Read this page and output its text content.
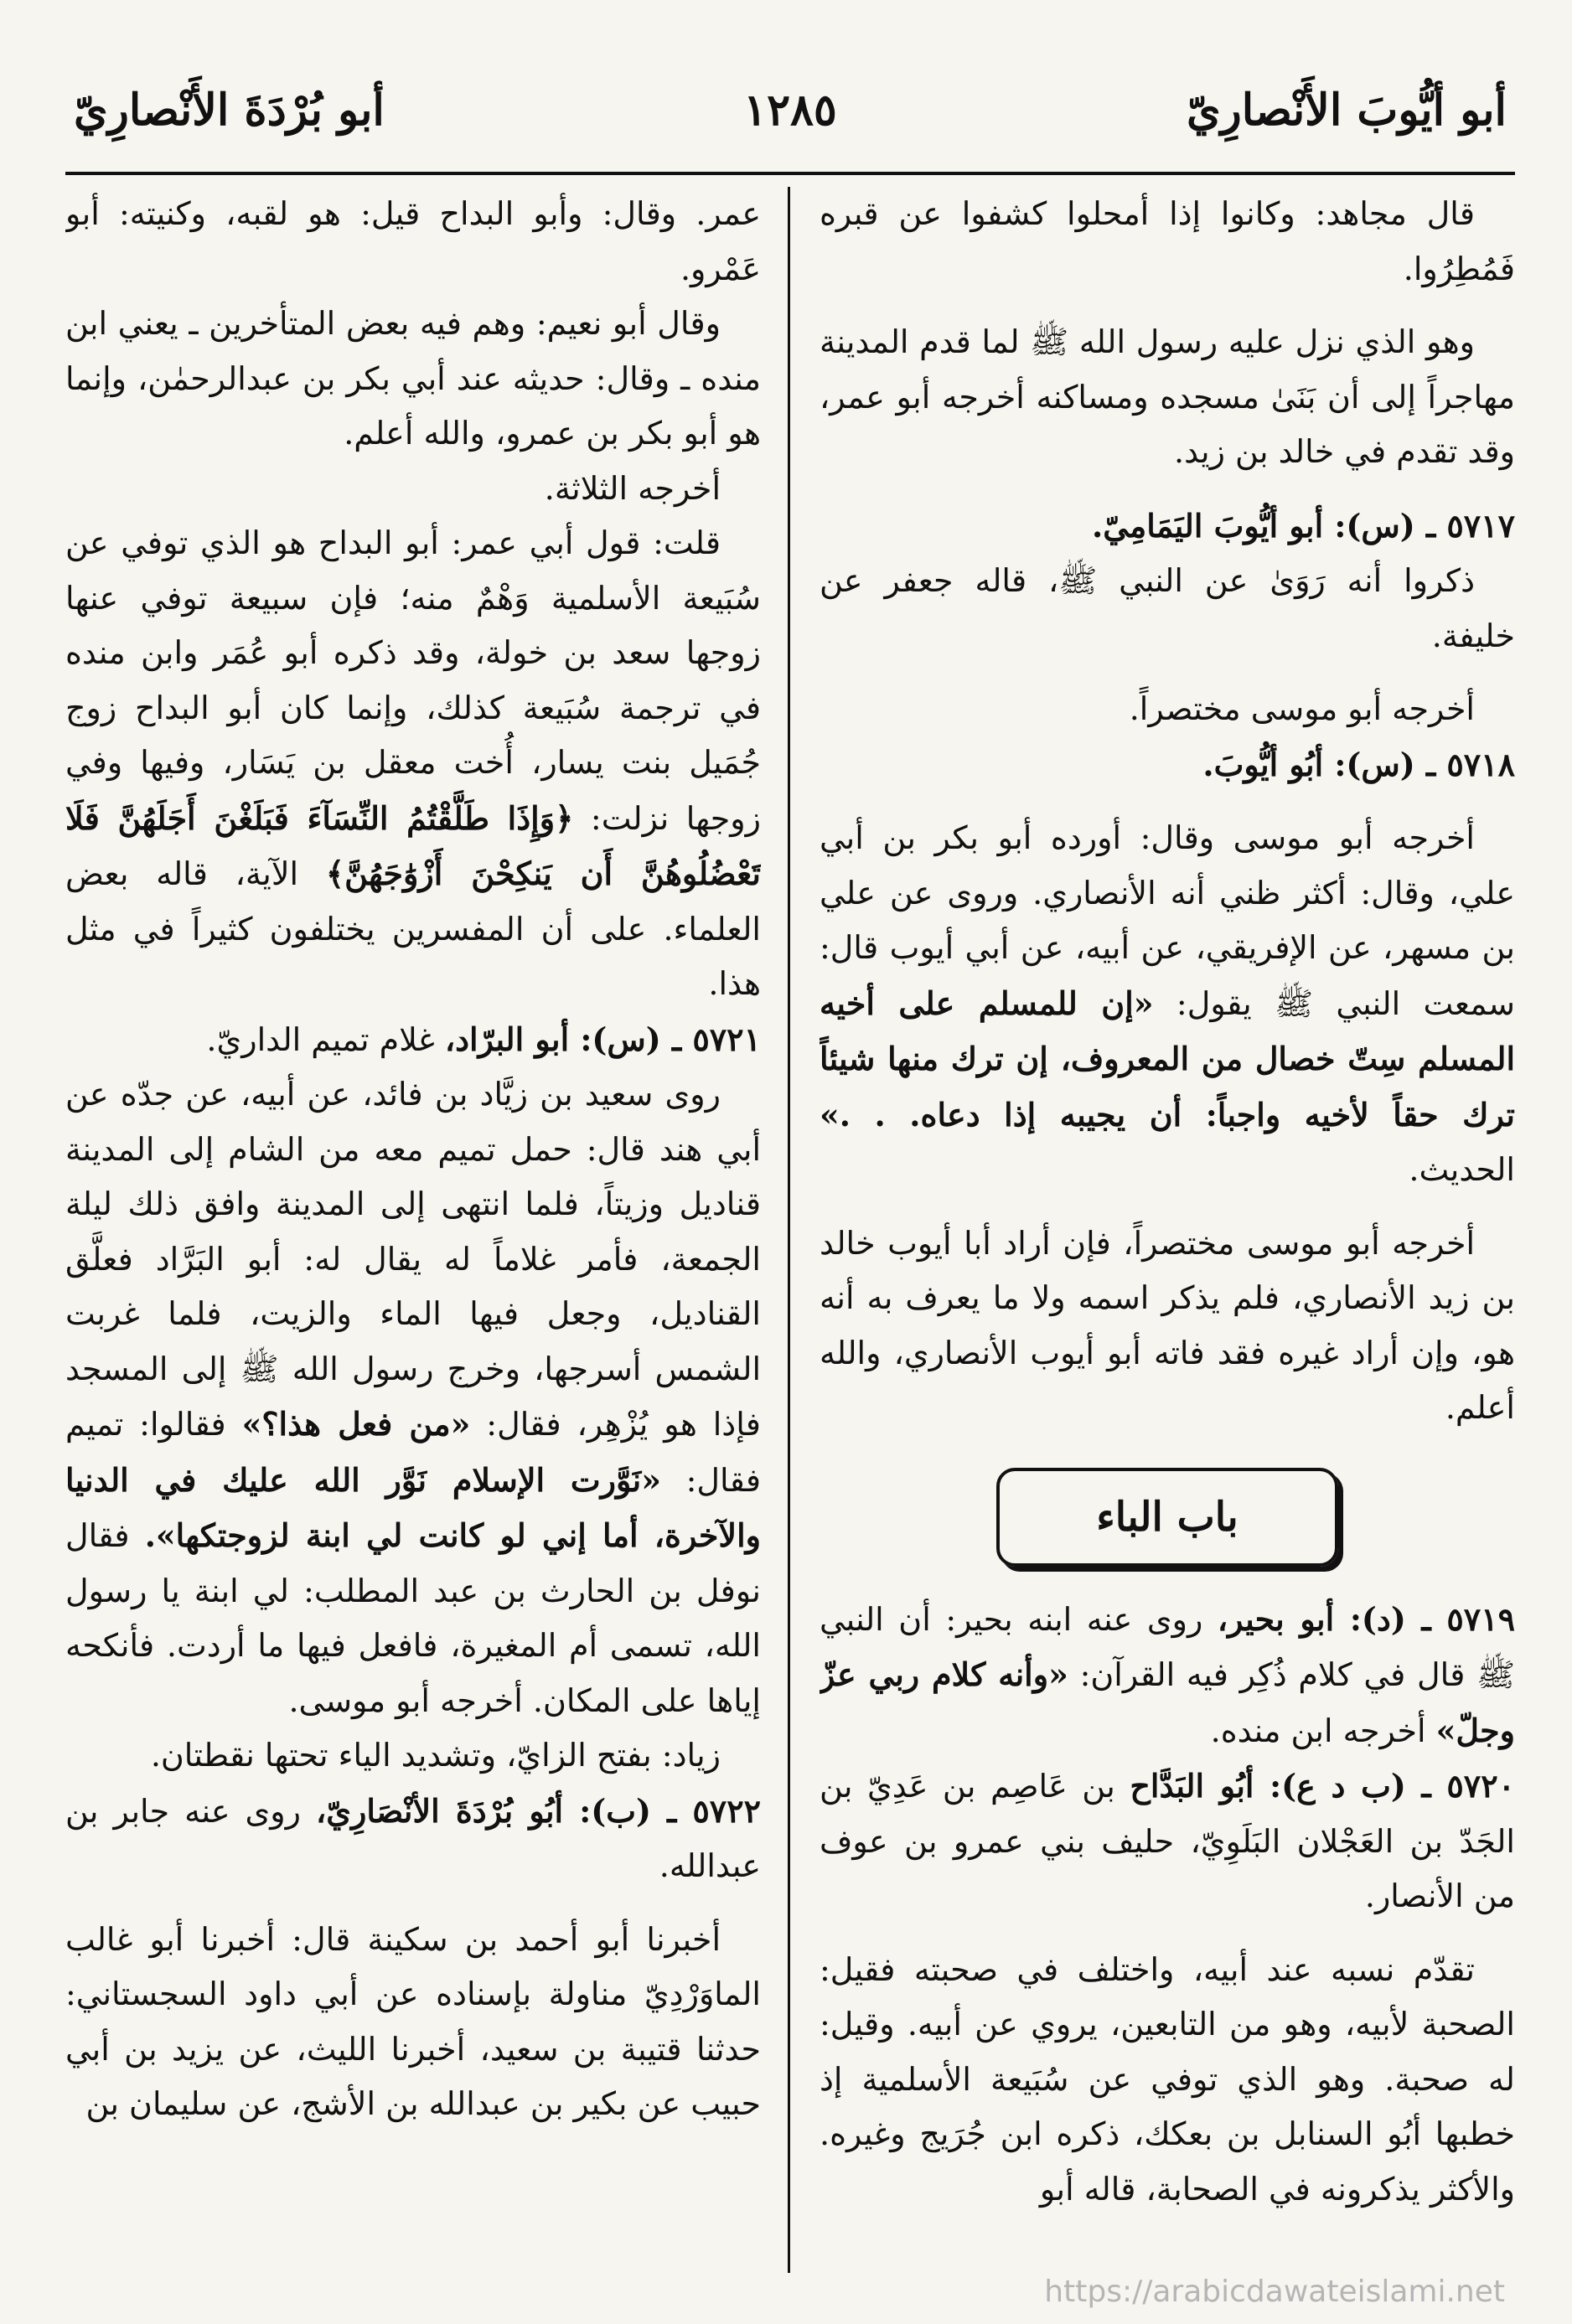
أبو أيُّوبَ الأَنْصارِيّ
١٢٨٥
أبو بُرْدَةَ الأَنْصارِيّ

قال مجاهد: وكانوا إذا أمحلوا كشفوا عن قبره فَمُطِرُوا.

وهو الذي نزل عليه رسول الله ﷺ لما قدم المدينة مهاجراً إلى أن بَنَىٰ مسجده ومساكنه أخرجه أبو عمر، وقد تقدم في خالد بن زيد.

٥٧١٧ ـ (س): أبو أيُّوبَ اليَمَامِيّ.

ذكروا أنه رَوَىٰ عن النبي ﷺ، قاله جعفر عن خليفة.

أخرجه أبو موسى مختصراً.

٥٧١٨ ـ (س): أبُو أيُّوبَ.

أخرجه أبو موسى وقال: أورده أبو بكر بن أبي علي، وقال: أكثر ظني أنه الأنصاري. وروى عن علي بن مسهر، عن الإفريقي، عن أبيه، عن أبي أيوب قال: سمعت النبي ﷺ يقول: «إن للمسلم على أخيه المسلم سِتّ خصال من المعروف، إن ترك منها شيئاً ترك حقاً لأخيه واجباً: أن يجيبه إذا دعاه. . .» الحديث.

أخرجه أبو موسى مختصراً، فإن أراد أبا أيوب خالد بن زيد الأنصاري، فلم يذكر اسمه ولا ما يعرف به أنه هو، وإن أراد غيره فقد فاته أبو أيوب الأنصاري، والله أعلم.

باب الباء

٥٧١٩ ـ (د): أبو بحير، روى عنه ابنه بحير: أن النبي ﷺ قال في كلام ذُكِر فيه القرآن: «وأنه كلام ربي عزّ وجلّ» أخرجه ابن منده.

٥٧٢٠ ـ (ب د ع): أبُو البَدَّاح بن عَاصِم بن عَدِيّ بن الجَدّ بن العَجْلان البَلَوِيّ، حليف بني عمرو بن عوف من الأنصار.

تقدّم نسبه عند أبيه، واختلف في صحبته فقيل: الصحبة لأبيه، وهو من التابعين، يروي عن أبيه. وقيل: له صحبة. وهو الذي توفي عن سُبَيعة الأسلمية إذ خطبها أبُو السنابل بن بعكك، ذكره ابن جُرَيج وغيره. والأكثر يذكرونه في الصحابة، قاله أبو

عمر. وقال: وأبو البداح قيل: هو لقبه، وكنيته: أبو عَمْرو.

وقال أبو نعيم: وهم فيه بعض المتأخرين ـ يعني ابن منده ـ وقال: حديثه عند أبي بكر بن عبدالرحمٰن، وإنما هو أبو بكر بن عمرو، والله أعلم.

أخرجه الثلاثة.

قلت: قول أبي عمر: أبو البداح هو الذي توفي عن سُبَيعة الأسلمية وَهْمٌ منه؛ فإن سبيعة توفي عنها زوجها سعد بن خولة، وقد ذكره أبو عُمَر وابن منده في ترجمة سُبَيعة كذلك، وإنما كان أبو البداح زوج جُمَيل بنت يسار، أُخت معقل بن يَسَار، وفيها وفي زوجها نزلت: ﴿وَإِذَا طَلَّقْتُمُ النِّسَآءَ فَبَلَغْنَ أَجَلَهُنَّ فَلَا تَعْضُلُوهُنَّ أَن يَنكِحْنَ أَزْوَٰجَهُنَّ﴾ الآية، قاله بعض العلماء. على أن المفسرين يختلفون كثيراً في مثل هذا.

٥٧٢١ ـ (س): أبو البرّاد، غلام تميم الداريّ.

روى سعيد بن زيَّاد بن فائد، عن أبيه، عن جدّه عن أبي هند قال: حمل تميم معه من الشام إلى المدينة قناديل وزيتاً، فلما انتهى إلى المدينة وافق ذلك ليلة الجمعة، فأمر غلاماً له يقال له: أبو البَرَّاد فعلَّق القناديل، وجعل فيها الماء والزيت، فلما غربت الشمس أسرجها، وخرج رسول الله ﷺ إلى المسجد فإذا هو يُزْهِر، فقال: «من فعل هذا؟» فقالوا: تميم فقال: «نَوَّرت الإسلام نَوَّر الله عليك في الدنيا والآخرة، أما إني لو كانت لي ابنة لزوجتكها». فقال نوفل بن الحارث بن عبد المطلب: لي ابنة يا رسول الله، تسمى أم المغيرة، فافعل فيها ما أردت. فأنكحه إياها على المكان. أخرجه أبو موسى.

زياد: بفتح الزايّ، وتشديد الياء تحتها نقطتان.

٥٧٢٢ ـ (ب): أبُو بُرْدَةَ الأنْصَارِيّ، روى عنه جابر بن عبدالله.

أخبرنا أبو أحمد بن سكينة قال: أخبرنا أبو غالب الماوَرْدِيّ مناولة بإسناده عن أبي داود السجستاني: حدثنا قتيبة بن سعيد، أخبرنا الليث، عن يزيد بن أبي حبيب عن بكير بن عبدالله بن الأشج، عن سليمان بن

https://arabicdawateislami.net
